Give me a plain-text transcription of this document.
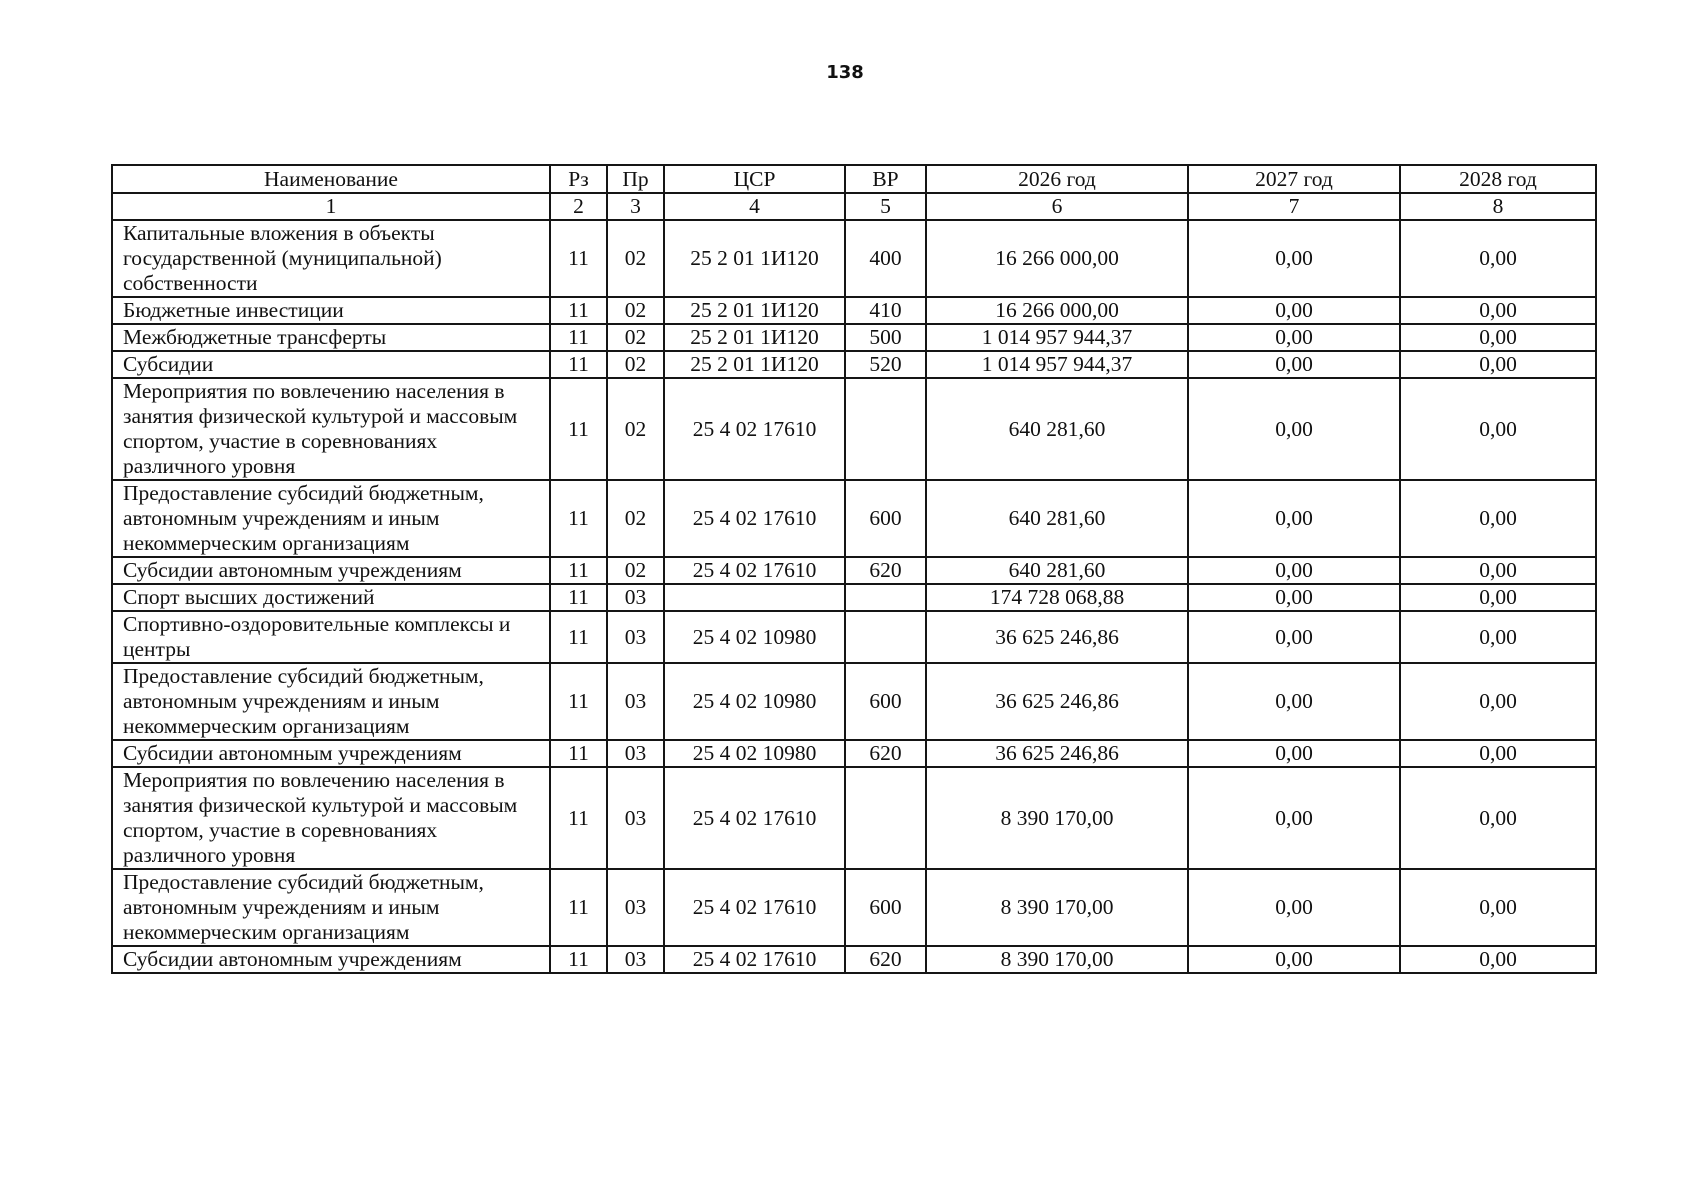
138
Наименование	Рз	Пр	ЦСР	ВР	2026 год	2027 год	2028 год
1	2	3	4	5	6	7	8
Капитальные вложения в объекты государственной (муниципальной) собственности	11	02	25 2 01 1И120	400	16 266 000,00	0,00	0,00
Бюджетные инвестиции	11	02	25 2 01 1И120	410	16 266 000,00	0,00	0,00
Межбюджетные трансферты	11	02	25 2 01 1И120	500	1 014 957 944,37	0,00	0,00
Субсидии	11	02	25 2 01 1И120	520	1 014 957 944,37	0,00	0,00
Мероприятия по вовлечению населения в занятия физической культурой и массовым спортом, участие в соревнованиях различного уровня	11	02	25 4 02 17610		640 281,60	0,00	0,00
Предоставление субсидий бюджетным, автономным учреждениям и иным некоммерческим организациям	11	02	25 4 02 17610	600	640 281,60	0,00	0,00
Субсидии автономным учреждениям	11	02	25 4 02 17610	620	640 281,60	0,00	0,00
Спорт высших достижений	11	03			174 728 068,88	0,00	0,00
Спортивно-оздоровительные комплексы и центры	11	03	25 4 02 10980		36 625 246,86	0,00	0,00
Предоставление субсидий бюджетным, автономным учреждениям и иным некоммерческим организациям	11	03	25 4 02 10980	600	36 625 246,86	0,00	0,00
Субсидии автономным учреждениям	11	03	25 4 02 10980	620	36 625 246,86	0,00	0,00
Мероприятия по вовлечению населения в занятия физической культурой и массовым спортом, участие в соревнованиях различного уровня	11	03	25 4 02 17610		8 390 170,00	0,00	0,00
Предоставление субсидий бюджетным, автономным учреждениям и иным некоммерческим организациям	11	03	25 4 02 17610	600	8 390 170,00	0,00	0,00
Субсидии автономным учреждениям	11	03	25 4 02 17610	620	8 390 170,00	0,00	0,00
